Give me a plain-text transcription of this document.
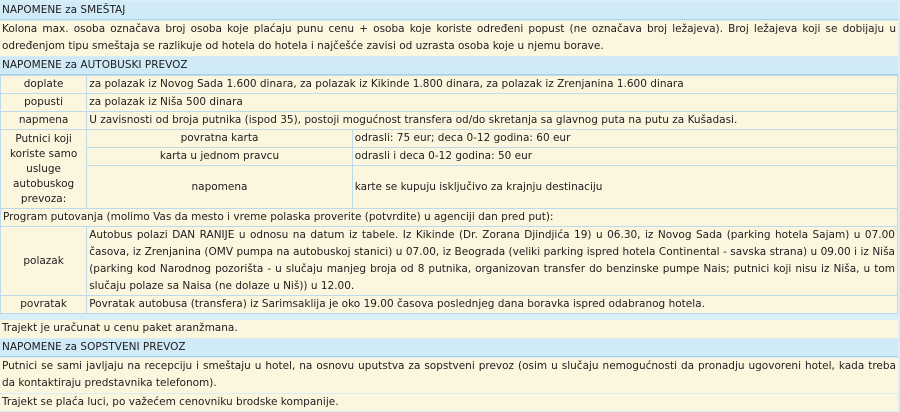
NAPOMENE za SMEŠTAJ
Kolona max. osoba označava broj osoba koje plaćaju punu cenu + osoba koje koriste određeni popust (ne označava broj ležajeva). Broj ležajeva koji se dobijaju u određenjom tipu smeštaja se razlikuje od hotela do hotela i najčešće zavisi od uzrasta osoba koje u njemu borave.
NAPOMENE za AUTOBUSKI PREVOZ
doplate	za polazak iz Novog Sada 1.600 dinara, za polazak iz Kikinde 1.800 dinara, za polazak iz Zrenjanina 1.600 dinara	
popusti	za polazak iz Niša 500 dinara	
napmena	U zavisnosti od broja putnika (ispod 35), postoji mogućnost transfera od/do skretanja sa glavnog puta na putu za Kušadasi.	
Putnici koji koriste samo usluge autobuskog prevoza:	povratna karta	odrasli: 75 eur; deca 0-12 godina: 60 eur
	karta u jednom pravcu	odrasli i deca 0-12 godina: 50 eur
	napomena	karte se kupuju isključivo za krajnju destinaciju
Program putovanja (molimo Vas da mesto i vreme polaska proverite (potvrdite) u agenciji dan pred put):		
polazak	Autobus polazi DAN RANIJE u odnosu na datum iz tabele. Iz Kikinde (Dr. Zorana Djindjića 19) u 06.30, iz Novog Sada (parking hotela Sajam) u 07.00 časova, iz Zrenjanina (OMV pumpa na autobuskoj stanici) u 07.00, iz Beograda (veliki parking ispred hotela Continental - savska strana) u 09.00 i iz Niša (parking kod Narodnog pozorišta - u slučaju manjeg broja od 8 putnika, organizovan transfer do benzinske pumpe Nais; putnici koji nisu iz Niša, u tom slučaju polaze sa Naisa (ne dolaze u Niš)) u 12.00.	
povratak	Povratak autobusa (transfera) iz Sarimsaklija je oko 19.00 časova poslednjeg dana boravka ispred odabranog hotela.	
Trajekt je uračunat u cenu paket aranžmana.
NAPOMENE za SOPSTVENI PREVOZ
Putnici se sami javljaju na recepciju i smeštaju u hotel, na osnovu uputstva za sopstveni prevoz (osim u slučaju nemogućnosti da pronadju ugovoreni hotel, kada treba da kontaktiraju predstavnika telefonom).
Trajekt se plaća luci, po važećem cenovniku brodske kompanije.
